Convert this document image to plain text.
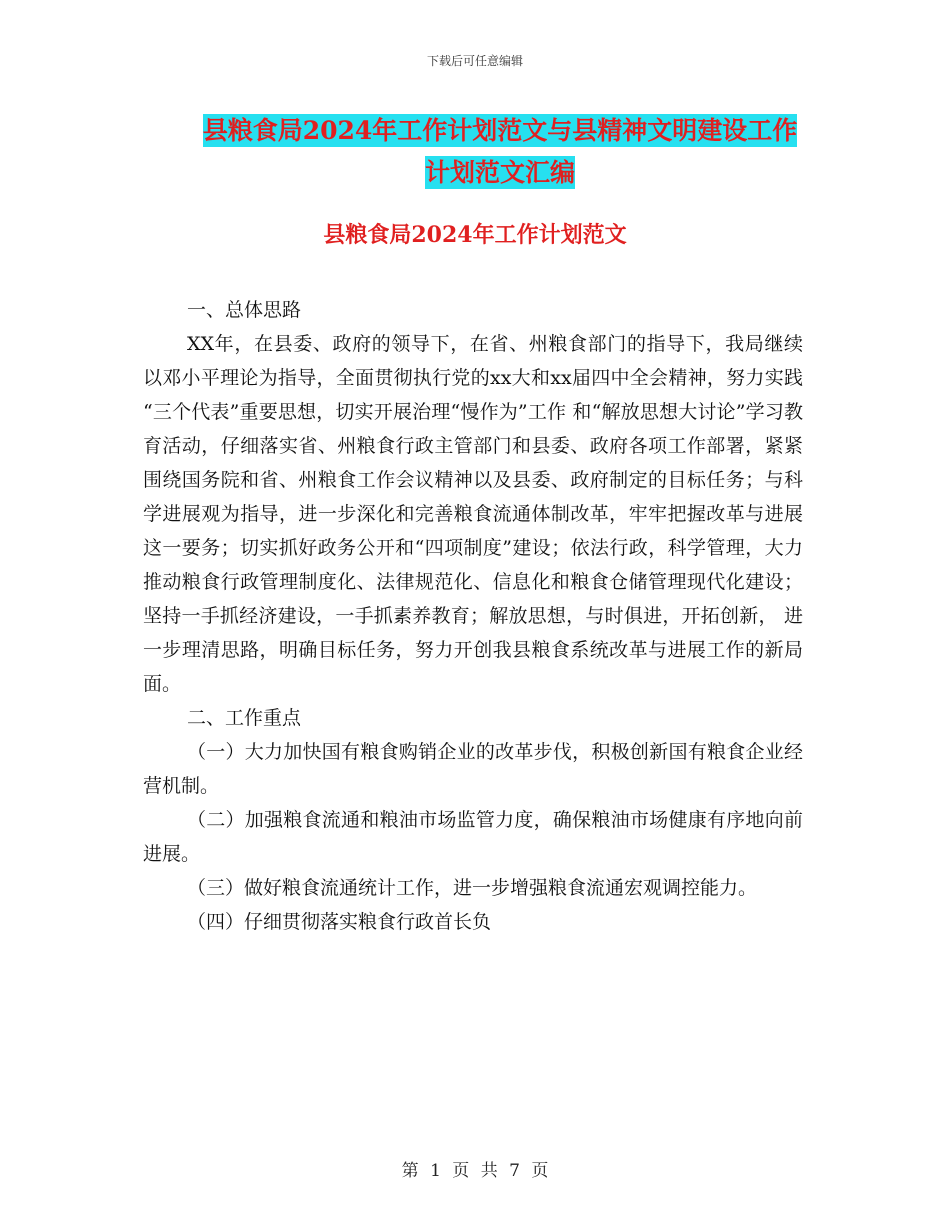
下载后可任意编辑
县粮食局2024年工作计划范文与县精神文明建设工作
计划范文汇编
县粮食局2024年工作计划范文

一、总体思路

XX年，在县委、政府的领导下，在省、州粮食部门的指导下，我局继续以邓小平理论为指导，全面贯彻执行党的xx大和xx届四中全会精神，努力实践 “三个代表”重要思想，切实开展治理“慢作为”工作 和“解放思想大讨论”学习教育活动，仔细落实省、州粮食行政主管部门和县委、政府各项工作部署，紧紧围绕国务院和省、州粮食工作会议精神以及县委、政府制定的目标任务；与科学进展观为指导，进一步深化和完善粮食流通体制改革，牢牢把握改革与进展这一要务；切实抓好政务公开和“四项制度”建设；依法行政，科学管理，大力推动粮食行政管理制度化、法律规范化、信息化和粮食仓储管理现代化建设；坚持一手抓经济建设，一手抓素养教育；解放思想，与时俱进，开拓创新， 进一步理清思路，明确目标任务，努力开创我县粮食系统改革与进展工作的新局面。

二、工作重点

（一）大力加快国有粮食购销企业的改革步伐，积极创新国有粮食企业经营机制。

（二）加强粮食流通和粮油市场监管力度，确保粮油市场健康有序地向前进展。

（三）做好粮食流通统计工作，进一步增强粮食流通宏观调控能力。

（四）仔细贯彻落实粮食行政首长负

第 1 页 共 7 页
